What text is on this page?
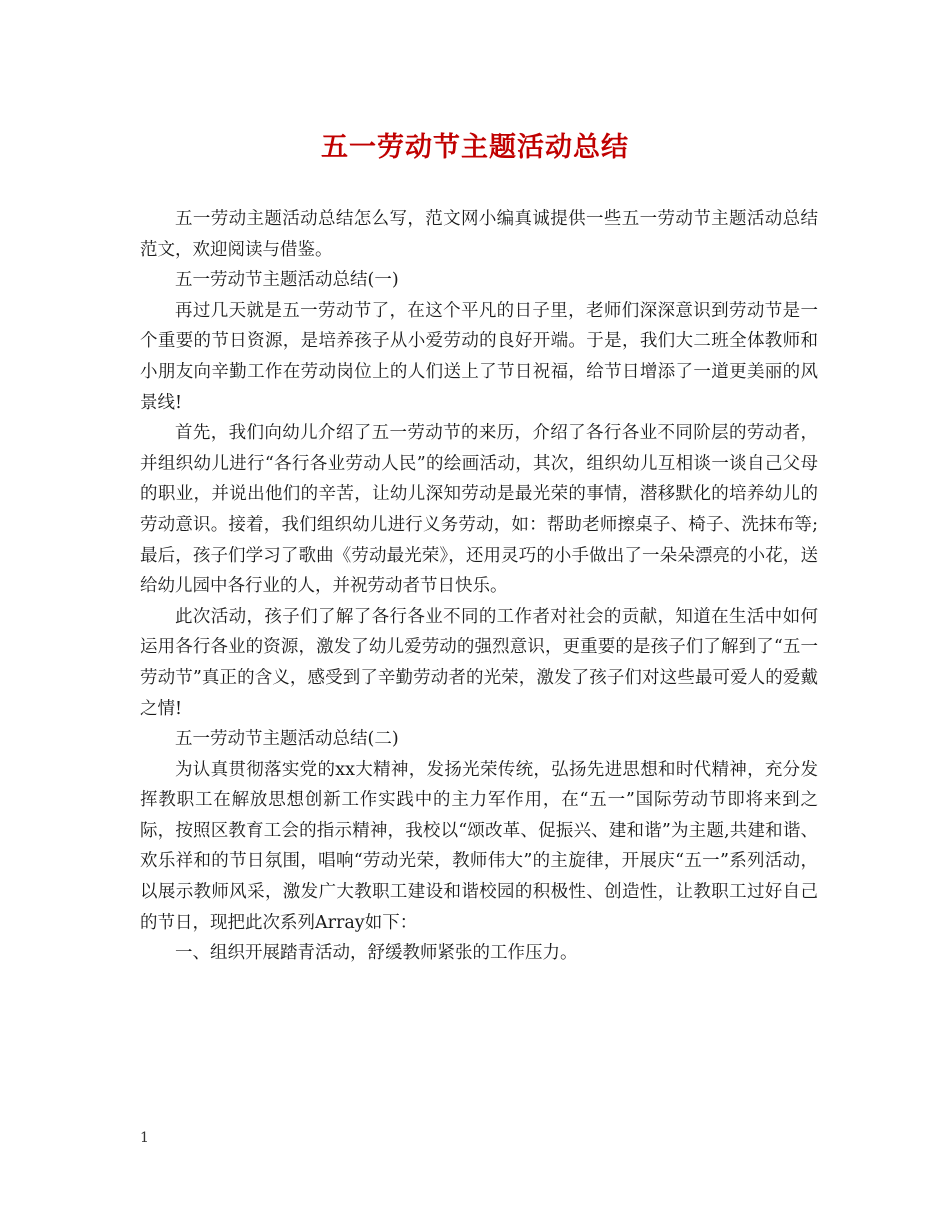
五一劳动节主题活动总结

五一劳动主题活动总结怎么写，范文网小编真诚提供一些五一劳动节主题活动总结范文，欢迎阅读与借鉴。

五一劳动节主题活动总结(一)

再过几天就是五一劳动节了，在这个平凡的日子里，老师们深深意识到劳动节是一个重要的节日资源，是培养孩子从小爱劳动的良好开端。于是，我们大二班全体教师和小朋友向辛勤工作在劳动岗位上的人们送上了节日祝福，给节日增添了一道更美丽的风景线!

首先，我们向幼儿介绍了五一劳动节的来历，介绍了各行各业不同阶层的劳动者，并组织幼儿进行“各行各业劳动人民”的绘画活动，其次，组织幼儿互相谈一谈自己父母的职业，并说出他们的辛苦，让幼儿深知劳动是最光荣的事情，潜移默化的培养幼儿的劳动意识。接着，我们组织幼儿进行义务劳动，如：帮助老师擦桌子、椅子、洗抹布等;最后，孩子们学习了歌曲《劳动最光荣》，还用灵巧的小手做出了一朵朵漂亮的小花，送给幼儿园中各行业的人，并祝劳动者节日快乐。

此次活动，孩子们了解了各行各业不同的工作者对社会的贡献，知道在生活中如何运用各行各业的资源，激发了幼儿爱劳动的强烈意识，更重要的是孩子们了解到了“五一劳动节”真正的含义，感受到了辛勤劳动者的光荣，激发了孩子们对这些最可爱人的爱戴之情!

五一劳动节主题活动总结(二)

为认真贯彻落实党的xx大精神，发扬光荣传统，弘扬先进思想和时代精神，充分发挥教职工在解放思想创新工作实践中的主力军作用，在“五一”国际劳动节即将来到之际，按照区教育工会的指示精神，我校以“颂改革、促振兴、建和谐”为主题,共建和谐、欢乐祥和的节日氛围，唱响“劳动光荣，教师伟大”的主旋律，开展庆“五一”系列活动，以展示教师风采，激发广大教职工建设和谐校园的积极性、创造性，让教职工过好自己的节日，现把此次系列Array如下：

一、组织开展踏青活动，舒缓教师紧张的工作压力。

1
